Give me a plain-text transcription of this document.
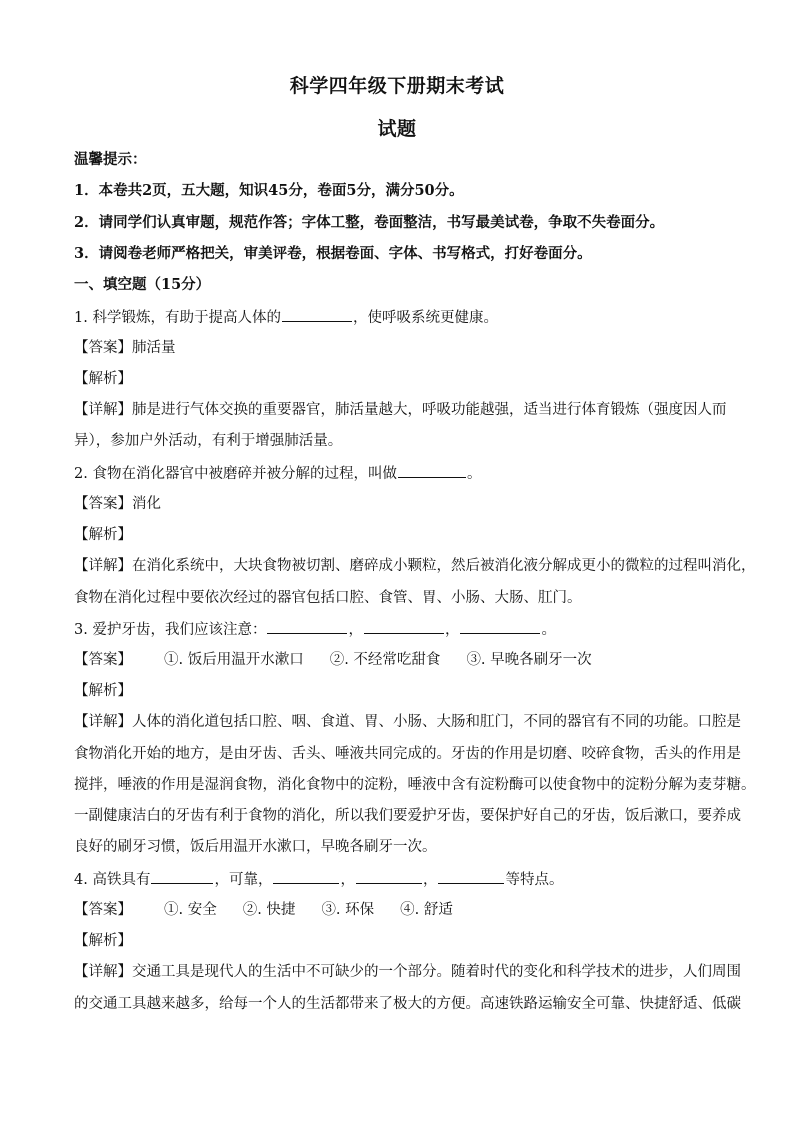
科学四年级下册期末考试
试题
温馨提示：
1．本卷共2页，五大题，知识45分，卷面5分，满分50分。
2．请同学们认真审题，规范作答；字体工整，卷面整洁，书写最美试卷，争取不失卷面分。
3．请阅卷老师严格把关，审美评卷，根据卷面、字体、书写格式，打好卷面分。
一、填空题（15分）
1. 科学锻炼，有助于提高人体的	，使呼吸系统更健康。
【答案】肺活量
【解析】
【详解】肺是进行气体交换的重要器官，肺活量越大，呼吸功能越强，适当进行体育锻炼（强度因人而
异），参加户外活动，有利于增强肺活量。
2. 食物在消化器官中被磨碎并被分解的过程，叫做	。
【答案】消化
【解析】
【详解】在消化系统中，大块食物被切割、磨碎成小颗粒，然后被消化液分解成更小的微粒的过程叫消化，
食物在消化过程中要依次经过的器官包括口腔、食管、胃、小肠、大肠、肛门。
3. 爱护牙齿，我们应该注意：	，	，	。
【答案】 ①. 饭后用温开水漱口 ②. 不经常吃甜食 ③. 早晚各刷牙一次
【解析】
【详解】人体的消化道包括口腔、咽、食道、胃、小肠、大肠和肛门，不同的器官有不同的功能。口腔是
食物消化开始的地方，是由牙齿、舌头、唾液共同完成的。牙齿的作用是切磨、咬碎食物，舌头的作用是
搅拌，唾液的作用是湿润食物，消化食物中的淀粉，唾液中含有淀粉酶可以使食物中的淀粉分解为麦芽糖。
一副健康洁白的牙齿有利于食物的消化，所以我们要爱护牙齿，要保护好自己的牙齿，饭后漱口，要养成
良好的刷牙习惯，饭后用温开水漱口，早晚各刷牙一次。
4. 高铁具有	，可靠，	，	，	等特点。
【答案】 ①. 安全 ②. 快捷 ③. 环保 ④. 舒适
【解析】
【详解】交通工具是现代人的生活中不可缺少的一个部分。随着时代的变化和科学技术的进步，人们周围
的交通工具越来越多，给每一个人的生活都带来了极大的方便。高速铁路运输安全可靠、快捷舒适、低碳
